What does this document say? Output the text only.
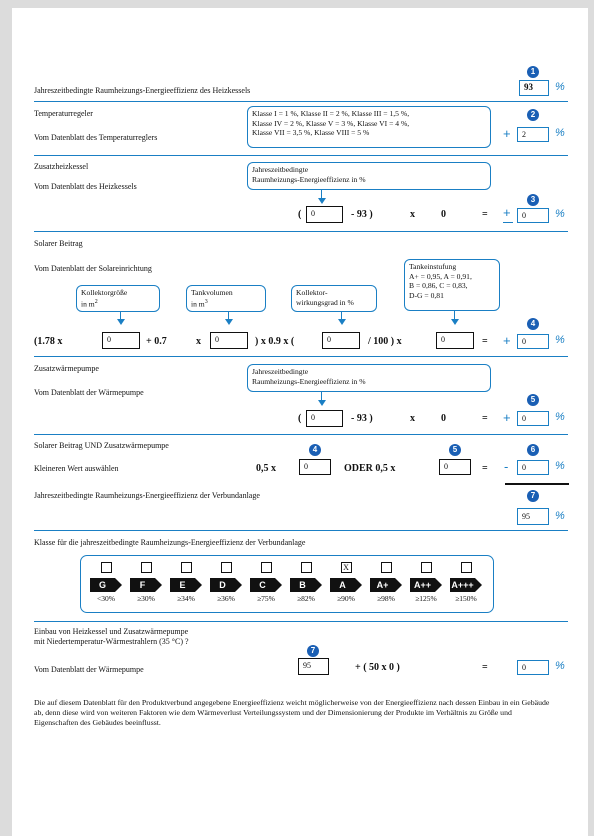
1
Jahreszeitbedingte Raumheizungs-Energieeffizienz des Heizkessels	93	%
Temperaturregeler
Vom Datenblatt des Temperaturreglers
Klasse I = 1 %, Klasse II = 2 %, Klasse III = 1,5 %,
Klasse IV = 2 %, Klasse V = 3 %, Klasse VI = 4 %,
Klasse VII = 3,5 %, Klasse VIII = 5 %
2
+	2	%
Zusatzheizkessel
Vom Datenblatt des Heizkessels
Jahreszeitbedingte
Raumheizungs-Energieeffizienz in %
(	0	- 93 )	x	0	=
3
+	0	%
Solarer Beitrag
Vom Datenblatt der Solareinrichtung
Kollektorgröße
in $m^2$
Tankvolumen
in $m^3$
Kollektor-
wirkungsgrad in %
Tankeinstufung
A+ = 0,95, A = 0,91,
B = 0,86, C = 0,83,
D-G = 0,81
(1.78 x	0	+ 0.7	x	0	) x 0.9 x (	0	/ 100 ) x	0	=
4
+	0	%
Zusatzwärmepumpe
Vom Datenblatt der Wärmepumpe
Jahreszeitbedingte
Raumheizungs-Energieeffizienz in %
(	0	- 93 )	x	0	=
5
+	0	%
Solarer Beitrag UND Zusatzwärmepumpe
Kleineren Wert auswählen
4	5
0,5 x	0	ODER 0,5 x	0	=
6
-	0	%
Jahreszeitbedingte Raumheizungs-Energieeffizienz der Verbundanlage	7
95	%
Klasse für die jahreszeitbedingte Raumheizungs-Energieeffizienz der Verbundanlage
G
<30%
F
≥30%
E
≥34%
D
≥36%
C
≥75%
B
≥82%
X
A
≥90%
A+
≥98%
A++
≥125%
A+++
≥150%
Einbau von Heizkessel und Zusatzwärmepumpe
mit Niedertemperatur-Wärmestrahlern (35 °C) ?
7
Vom Datenblatt der Wärmepumpe	95	+ ( 50 x 0 )	=	0	%
Die auf diesem Datenblatt für den Produktverbund angegebene Energieeffizienz weicht möglicherweise von der Energieeffizienz nach dessen Einbau in ein Gebäude ab, denn diese wird von weiteren Faktoren wie dem Wärmeverlust Verteilungssystem und der Dimensionierung der Produkte im Verhältnis zu Größe und Eigenschaften des Gebäudes beeinflusst.
